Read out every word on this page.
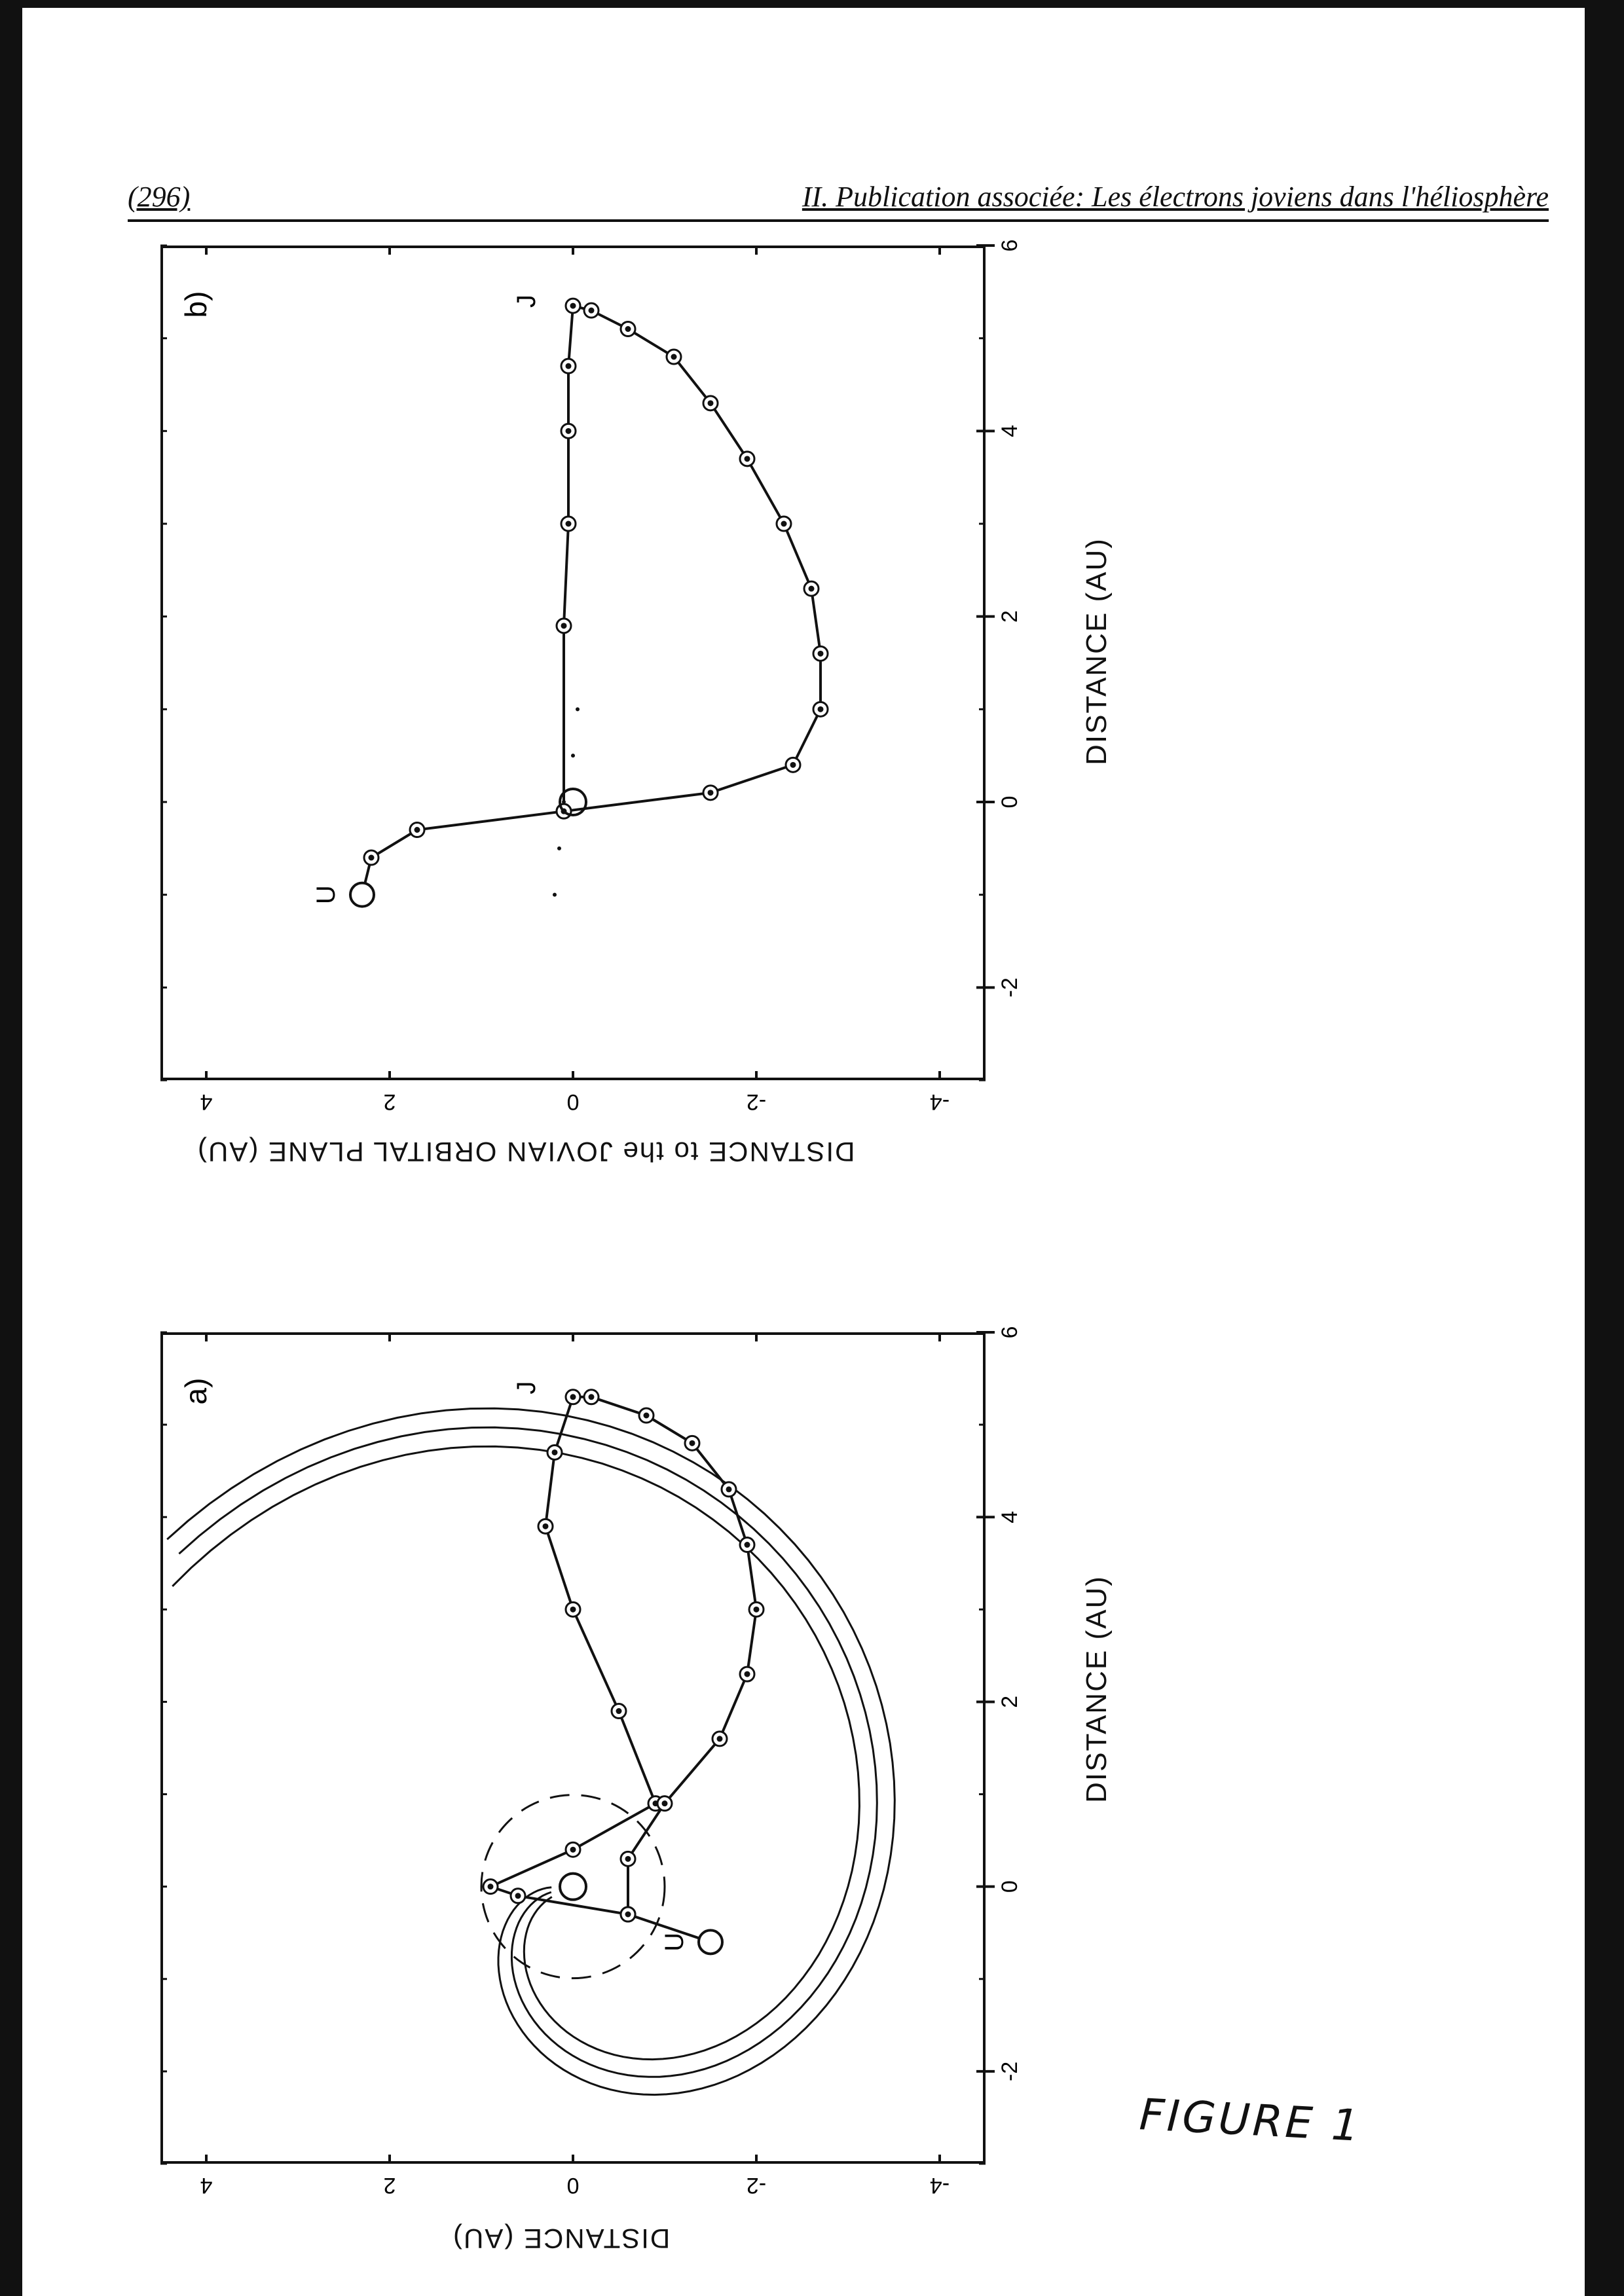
(296)	II. Publication associée: Les électrons joviens dans l'héliosphère
-2
0
2
4
6
4	2	0	-2	-4
b)	J
U
-2
0
2
4
6
4	2	0	-2	-4
a)	J
U
DISTANCE to the JOVIAN ORBITAL PLANE (AU)
DISTANCE (AU)
DISTANCE (AU)
DISTANCE (AU)
FIGURE 1
